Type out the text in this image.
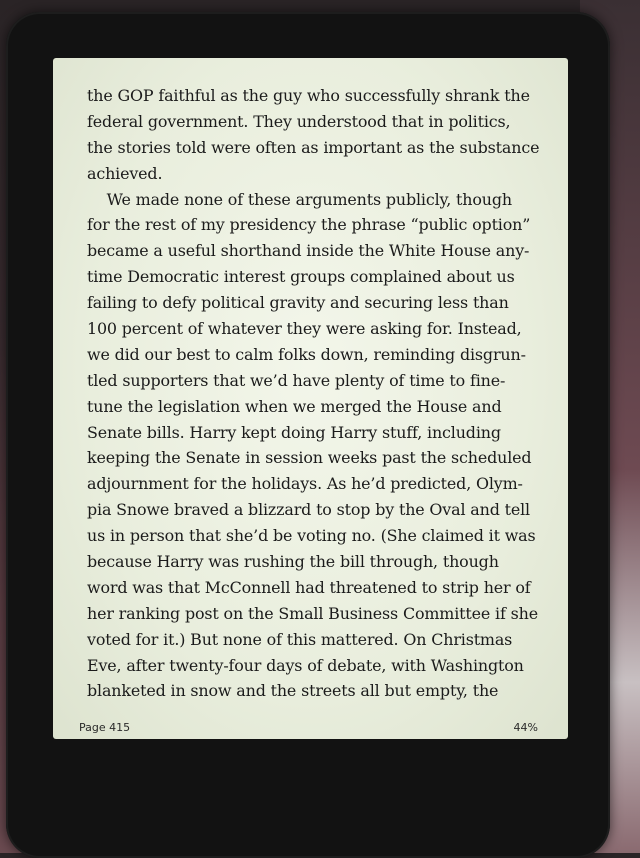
the GOP faithful as the guy who successfully shrank the
federal government. They understood that in politics,
the stories told were often as important as the substance
achieved.
We made none of these arguments publicly, though
for the rest of my presidency the phrase “public option”
became a useful shorthand inside the White House any-
time Democratic interest groups complained about us
failing to defy political gravity and securing less than
100 percent of whatever they were asking for. Instead,
we did our best to calm folks down, reminding disgrun-
tled supporters that we’d have plenty of time to fine-
tune the legislation when we merged the House and
Senate bills. Harry kept doing Harry stuff, including
keeping the Senate in session weeks past the scheduled
adjournment for the holidays. As he’d predicted, Olym-
pia Snowe braved a blizzard to stop by the Oval and tell
us in person that she’d be voting no. (She claimed it was
because Harry was rushing the bill through, though
word was that McConnell had threatened to strip her of
her ranking post on the Small Business Committee if she
voted for it.) But none of this mattered. On Christmas
Eve, after twenty-four days of debate, with Washington
blanketed in snow and the streets all but empty, the
Page 415	44%
